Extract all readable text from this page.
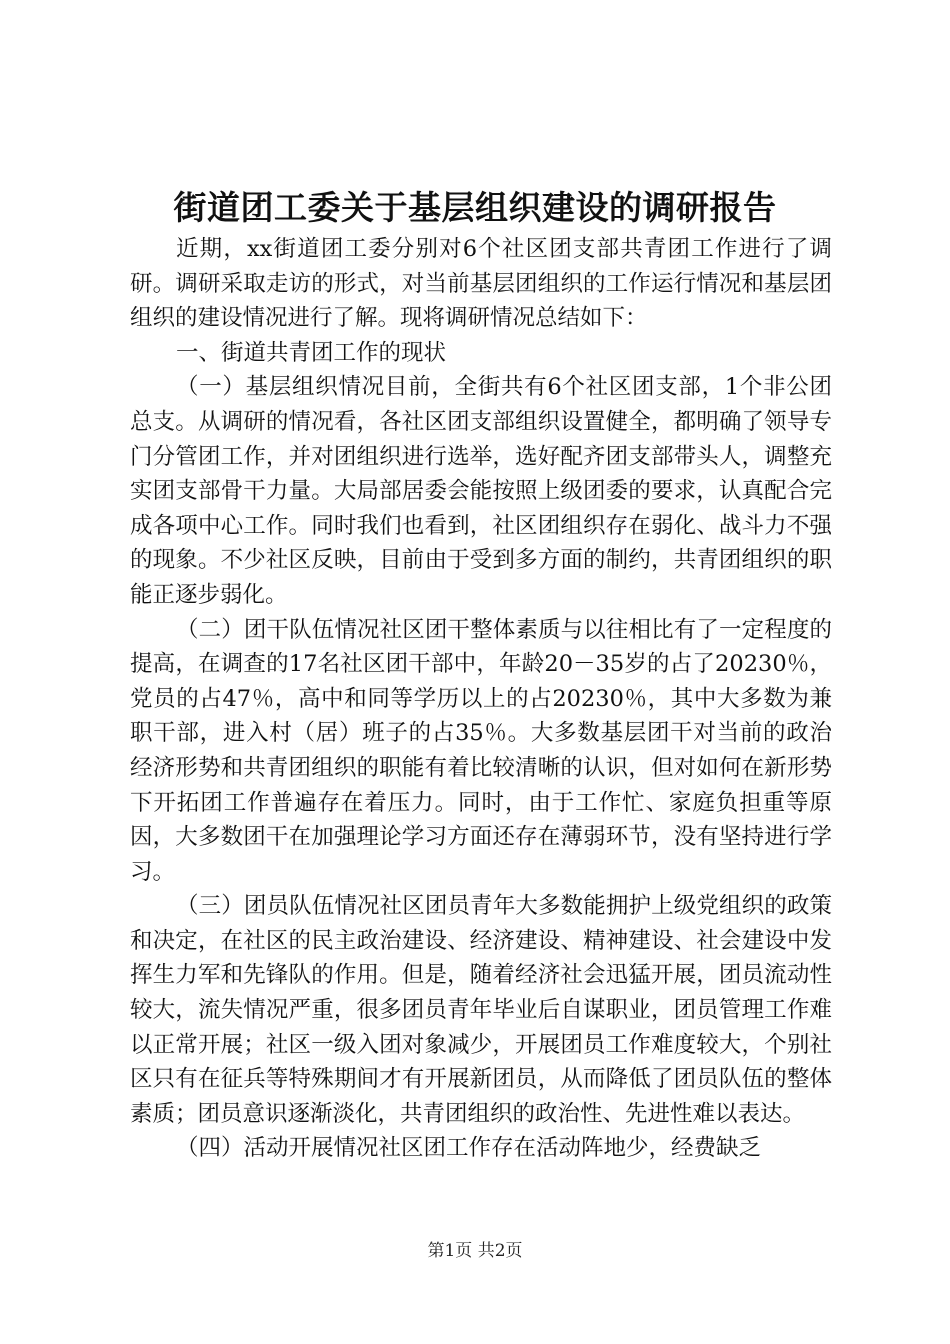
街道团工委关于基层组织建设的调研报告

近期，xx街道团工委分别对6个社区团支部共青团工作进行了调研。调研采取走访的形式，对当前基层团组织的工作运行情况和基层团组织的建设情况进行了解。现将调研情况总结如下：

一、街道共青团工作的现状

（一）基层组织情况目前，全街共有6个社区团支部，1个非公团总支。从调研的情况看，各社区团支部组织设置健全，都明确了领导专门分管团工作，并对团组织进行选举，选好配齐团支部带头人，调整充实团支部骨干力量。大局部居委会能按照上级团委的要求，认真配合完成各项中心工作。同时我们也看到，社区团组织存在弱化、战斗力不强的现象。不少社区反映，目前由于受到多方面的制约，共青团组织的职能正逐步弱化。

（二）团干队伍情况社区团干整体素质与以往相比有了一定程度的提高，在调查的17名社区团干部中，年龄20－35岁的占了20230％，党员的占47％，高中和同等学历以上的占20230％，其中大多数为兼职干部，进入村（居）班子的占35％。大多数基层团干对当前的政治经济形势和共青团组织的职能有着比较清晰的认识，但对如何在新形势下开拓团工作普遍存在着压力。同时，由于工作忙、家庭负担重等原因，大多数团干在加强理论学习方面还存在薄弱环节，没有坚持进行学习。

（三）团员队伍情况社区团员青年大多数能拥护上级党组织的政策和决定，在社区的民主政治建设、经济建设、精神建设、社会建设中发挥生力军和先锋队的作用。但是，随着经济社会迅猛开展，团员流动性较大，流失情况严重，很多团员青年毕业后自谋职业，团员管理工作难以正常开展；社区一级入团对象减少，开展团员工作难度较大，个别社区只有在征兵等特殊期间才有开展新团员，从而降低了团员队伍的整体素质；团员意识逐渐淡化，共青团组织的政治性、先进性难以表达。

（四）活动开展情况社区团工作存在活动阵地少，经费缺乏

第1页 共2页
